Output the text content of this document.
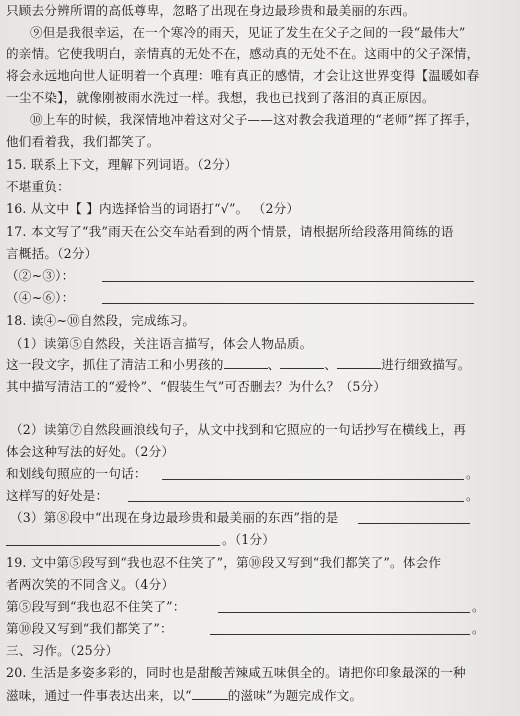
只顾去分辨所谓的高低尊卑，忽略了出现在身边最珍贵和最美丽的东西。
⑨但是我很幸运，在一个寒冷的雨天，见证了发生在父子之间的一段“最伟大”
的亲情。它使我明白，亲情真的无处不在，感动真的无处不在。这雨中的父子深情，
将会永远地向世人证明着一个真理：唯有真正的感情，才会让这世界变得【温暖如春
一尘不染】，就像刚被雨水洗过一样。我想，我也已找到了落泪的真正原因。
⑩上车的时候，我深情地冲着这对父子——这对教会我道理的“老师”挥了挥手，
他们看着我，我们都笑了。
15. 联系上下文，理解下列词语。（2分）
不堪重负：
16. 从文中【 】内选择恰当的词语打“√”。 （2分）
17. 本文写了“我”雨天在公交车站看到的两个情景，请根据所给段落用简练的语
言概括。（2分）
（②~③）：
（④~⑥）：
18. 读④~⑩自然段，完成练习。
（1）读第⑤自然段，关注语言描写，体会人物品质。
这一段文字，抓住了清洁工和小男孩的	、	、	进行细致描写。
其中描写清洁工的“爱怜”、“假装生气”可否删去？为什么？（5分）
（2）读第⑦自然段画浪线句子，从文中找到和它照应的一句话抄写在横线上，再
体会这种写法的好处。（2分）
和划线句照应的一句话：	。
这样写的好处是：	。
（3）第⑧段中“出现在身边最珍贵和最美丽的东西”指的是
。（1分）
19. 文中第⑤段写到“我也忍不住笑了”，第⑩段又写到“我们都笑了”。体会作
者两次笑的不同含义。（4分）
第⑤段写到“我也忍不住笑了”：	。
第⑩段又写到“我们都笑了”：	。
三、习作。（25分）
20. 生活是多姿多彩的，同时也是甜酸苦辣咸五味俱全的。请把你印象最深的一种
滋味，通过一件事表达出来，以“	的滋味”为题完成作文。
